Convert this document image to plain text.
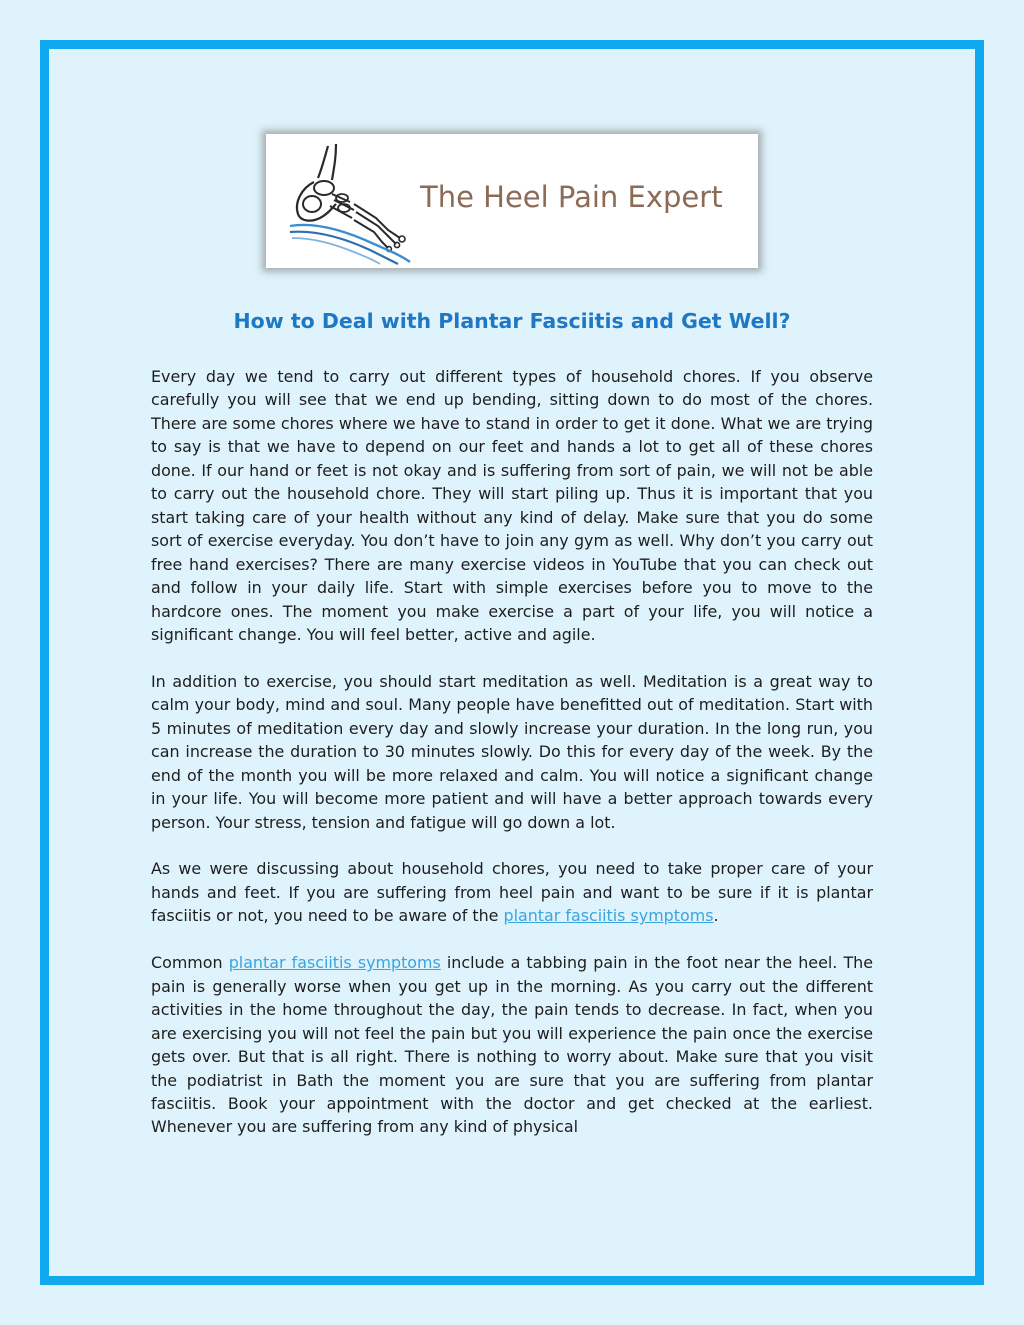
The Heel Pain Expert
How to Deal with Plantar Fasciitis and Get Well?

Every day we tend to carry out different types of household chores. If you observe carefully you will see that we end up bending, sitting down to do most of the chores. There are some chores where we have to stand in order to get it done. What we are trying to say is that we have to depend on our feet and hands a lot to get all of these chores done. If our hand or feet is not okay and is suffering from sort of pain, we will not be able to carry out the household chore. They will start piling up. Thus it is important that you start taking care of your health without any kind of delay. Make sure that you do some sort of exercise everyday. You don’t have to join any gym as well. Why don’t you carry out free hand exercises? There are many exercise videos in YouTube that you can check out and follow in your daily life. Start with simple exercises before you to move to the hardcore ones. The moment you make exercise a part of your life, you will notice a significant change. You will feel better, active and agile.

In addition to exercise, you should start meditation as well. Meditation is a great way to calm your body, mind and soul. Many people have benefitted out of meditation. Start with 5 minutes of meditation every day and slowly increase your duration. In the long run, you can increase the duration to 30 minutes slowly. Do this for every day of the week. By the end of the month you will be more relaxed and calm. You will notice a significant change in your life. You will become more patient and will have a better approach towards every person. Your stress, tension and fatigue will go down a lot.

As we were discussing about household chores, you need to take proper care of your hands and feet. If you are suffering from heel pain and want to be sure if it is plantar fasciitis or not, you need to be aware of the plantar fasciitis symptoms.

Common plantar fasciitis symptoms include a tabbing pain in the foot near the heel. The pain is generally worse when you get up in the morning. As you carry out the different activities in the home throughout the day, the pain tends to decrease. In fact, when you are exercising you will not feel the pain but you will experience the pain once the exercise gets over. But that is all right. There is nothing to worry about. Make sure that you visit the podiatrist in Bath the moment you are sure that you are suffering from plantar fasciitis. Book your appointment with the doctor and get checked at the earliest. Whenever you are suffering from any kind of physical
